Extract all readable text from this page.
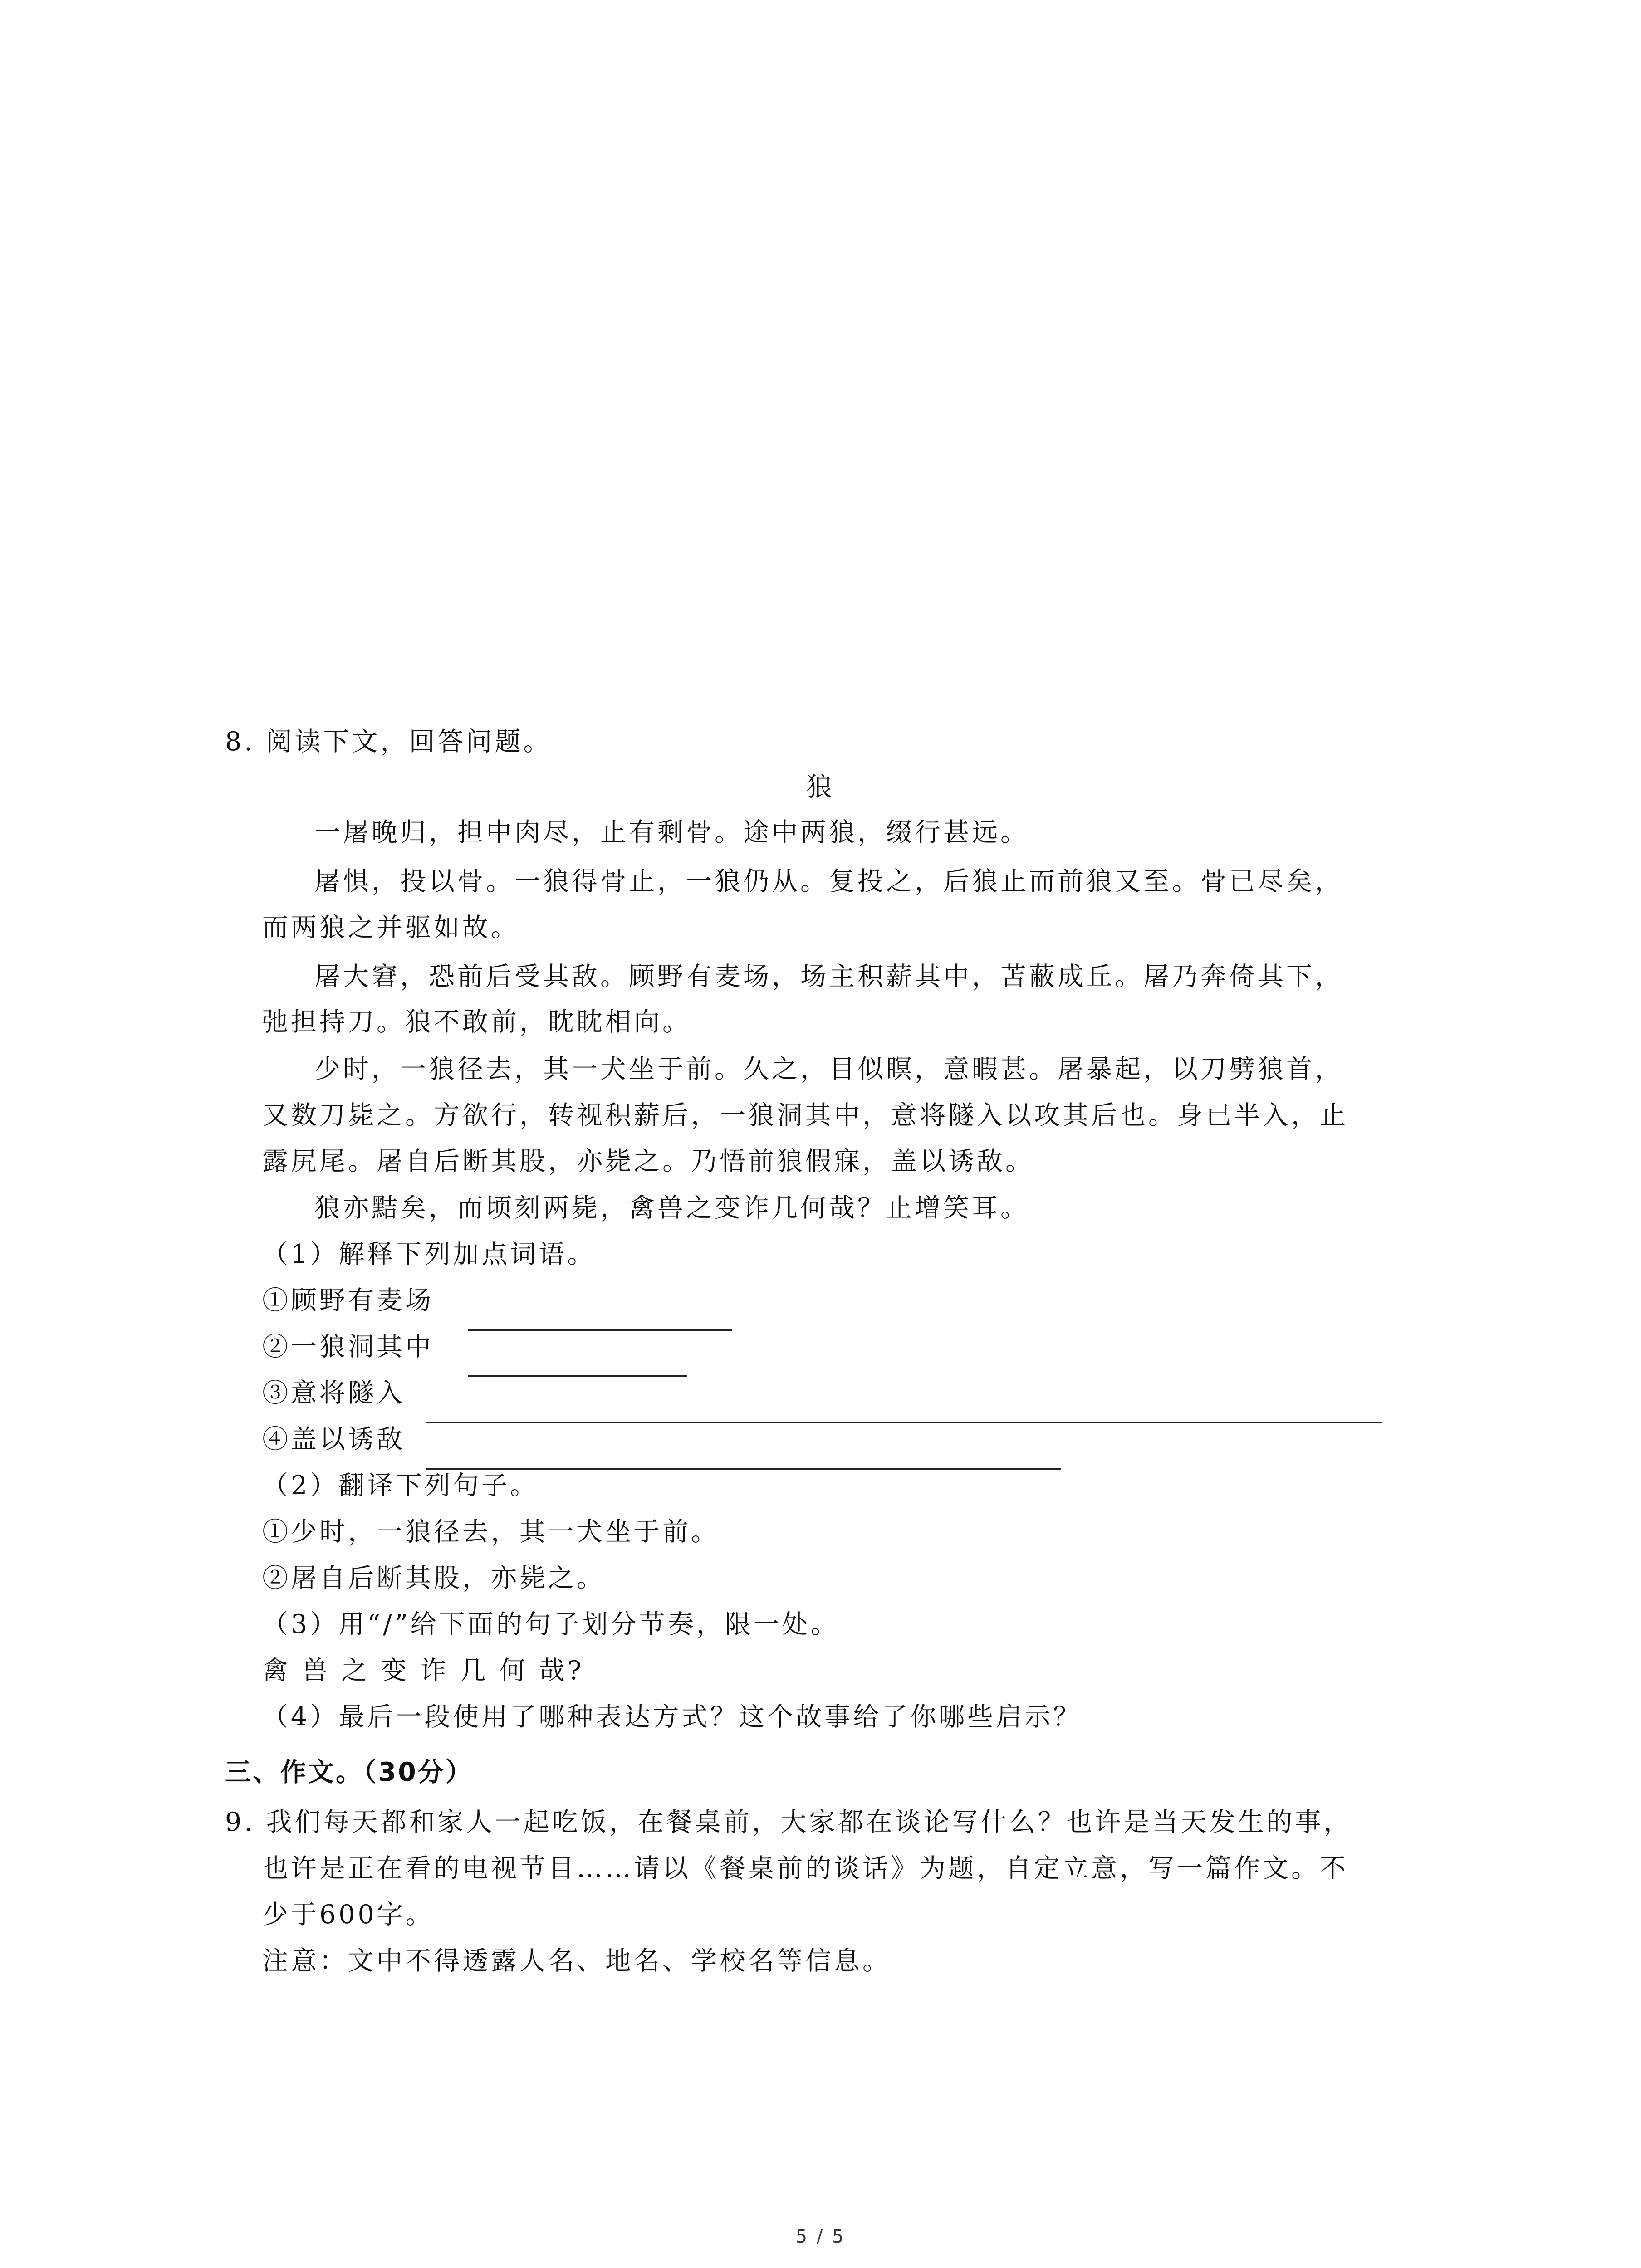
8. 阅读下文，回答问题。
狼
一屠晚归，担中肉尽，止有剩骨。途中两狼，缀行甚远。
屠惧，投以骨。一狼得骨止，一狼仍从。复投之，后狼止而前狼又至。骨已尽矣，
而两狼之并驱如故。
屠大窘，恐前后受其敌。顾野有麦场，场主积薪其中，苫蔽成丘。屠乃奔倚其下，
弛担持刀。狼不敢前，眈眈相向。
少时，一狼径去，其一犬坐于前。久之，目似瞑，意暇甚。屠暴起，以刀劈狼首，
又数刀毙之。方欲行，转视积薪后，一狼洞其中，意将隧入以攻其后也。身已半入，止
露尻尾。屠自后断其股，亦毙之。乃悟前狼假寐，盖以诱敌。
狼亦黠矣，而顷刻两毙，禽兽之变诈几何哉？止增笑耳。
（1）解释下列加点词语。
①顾野有麦场
②一狼洞其中
③意将隧入
④盖以诱敌
（2）翻译下列句子。
①少时，一狼径去，其一犬坐于前。
②屠自后断其股，亦毙之。
（3）用“/”给下面的句子划分节奏，限一处。
禽 兽 之 变 诈 几 何 哉?
（4）最后一段使用了哪种表达方式？这个故事给了你哪些启示？
三、作文。（30分）
9. 我们每天都和家人一起吃饭，在餐桌前，大家都在谈论写什么？也许是当天发生的事，
也许是正在看的电视节目……请以《餐桌前的谈话》为题，自定立意，写一篇作文。不
少于600字。
注意：文中不得透露人名、地名、学校名等信息。
5 / 5
